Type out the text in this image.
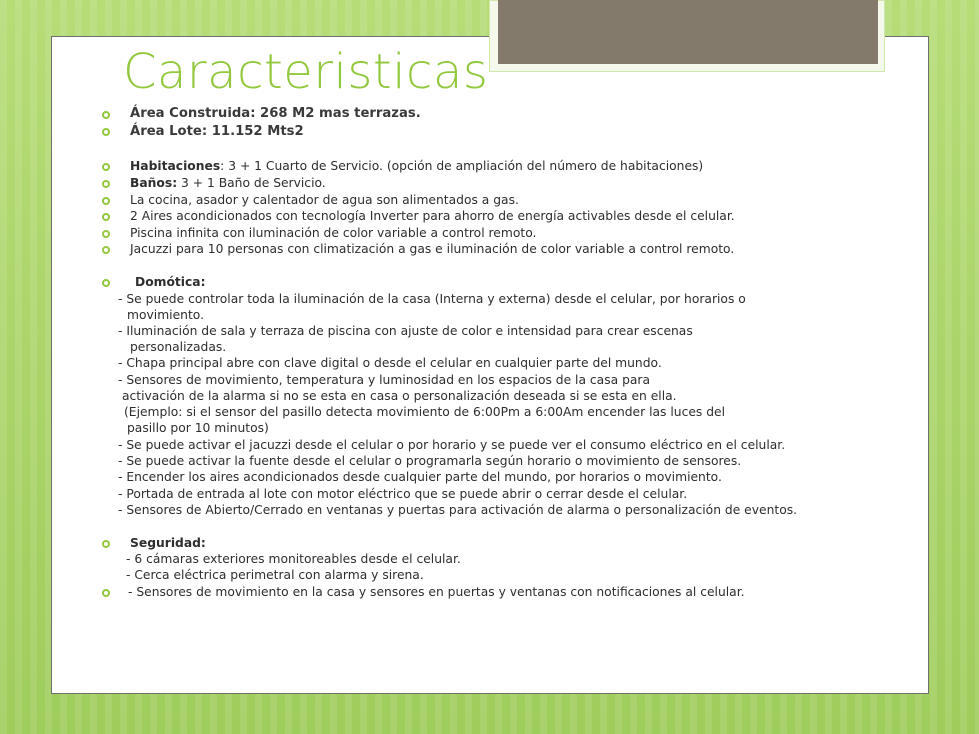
Caracteristicas
Área Construida: 268 M2 mas terrazas.
Área Lote: 11.152 Mts2
Habitaciones: 3 + 1 Cuarto de Servicio. (opción de ampliación del número de habitaciones)
Baños: 3 + 1 Baño de Servicio.
La cocina, asador y calentador de agua son alimentados a gas.
2 Aires acondicionados con tecnología Inverter para ahorro de energía activables desde el celular.
Piscina infinita con iluminación de color variable a control remoto.
Jacuzzi para 10 personas con climatización a gas e iluminación de color variable a control remoto.
Domótica:
- Se puede controlar toda la iluminación de la casa (Interna y externa) desde el celular, por horarios o
movimiento.
- Iluminación de sala y terraza de piscina con ajuste de color e intensidad para crear escenas
personalizadas.
- Chapa principal abre con clave digital o desde el celular en cualquier parte del mundo.
- Sensores de movimiento, temperatura y luminosidad en los espacios de la casa para
activación de la alarma si no se esta en casa o personalización deseada si se esta en ella.
(Ejemplo: si el sensor del pasillo detecta movimiento de 6:00Pm a 6:00Am encender las luces del
pasillo por 10 minutos)
- Se puede activar el jacuzzi desde el celular o por horario y se puede ver el consumo eléctrico en el celular.
- Se puede activar la fuente desde el celular o programarla según horario o movimiento de sensores.
- Encender los aires acondicionados desde cualquier parte del mundo, por horarios o movimiento.
- Portada de entrada al lote con motor eléctrico que se puede abrir o cerrar desde el celular.
- Sensores de Abierto/Cerrado en ventanas y puertas para activación de alarma o personalización de eventos.
Seguridad:
- 6 cámaras exteriores monitoreables desde el celular.
- Cerca eléctrica perimetral con alarma y sirena.
- Sensores de movimiento en la casa y sensores en puertas y ventanas con notificaciones al celular.
